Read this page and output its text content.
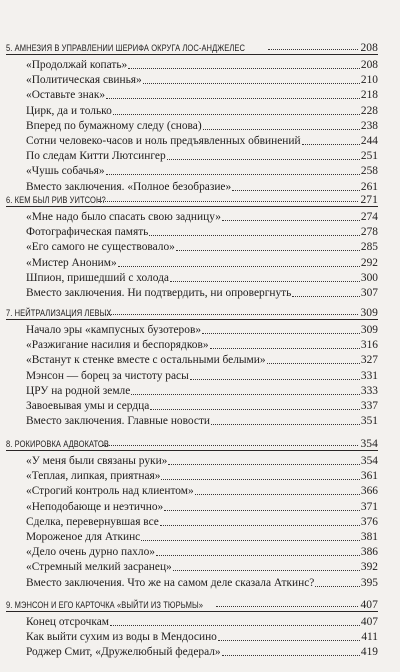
5. АМНЕЗИЯ В УПРАВЛЕНИИ ШЕРИФА ОКРУГА ЛОС-АНДЖЕЛЕС	208
«Продолжай копать»	208
«Политическая свинья»	210
«Оставьте знак»	218
Цирк, да и только	228
Вперед по бумажному следу (снова)	238
Сотни человеко-часов и ноль предъявленных обвинений	244
По следам Китти Лютсингер	251
«Чушь собачья»	258
Вместо заключения. «Полное безобразие»	261
6. КЕМ БЫЛ РИВ УИТСОН?	271
«Мне надо было спасать свою задницу»	274
Фотографическая память	278
«Его самого не существовало»	285
«Мистер Аноним»	292
Шпион, пришедший с холода	300
Вместо заключения. Ни подтвердить, ни опровергнуть	307
7. НЕЙТРАЛИЗАЦИЯ ЛЕВЫХ	309
Начало эры «кампусных бузотеров»	309
«Разжигание насилия и беспорядков»	316
«Встанут к стенке вместе с остальными белыми»	327
Мэнсон — борец за чистоту расы	331
ЦРУ на родной земле	333
Завоевывая умы и сердца	337
Вместо заключения. Главные новости	351
8. РОКИРОВКА АДВОКАТОВ	354
«У меня были связаны руки»	354
«Теплая, липкая, приятная»	361
«Строгий контроль над клиентом»	366
«Неподобающе и неэтично»	371
Сделка, перевернувшая все	376
Мороженое для Аткинс	381
«Дело очень дурно пахло»	386
«Стремный мелкий засранец»	392
Вместо заключения. Что же на самом деле сказала Аткинс?	395
9. МЭНСОН И ЕГО КАРТОЧКА «ВЫЙТИ ИЗ ТЮРЬМЫ»	407
Конец отсрочкам	407
Как выйти сухим из воды в Мендосино	411
Роджер Смит, «Дружелюбный федерал»	419
